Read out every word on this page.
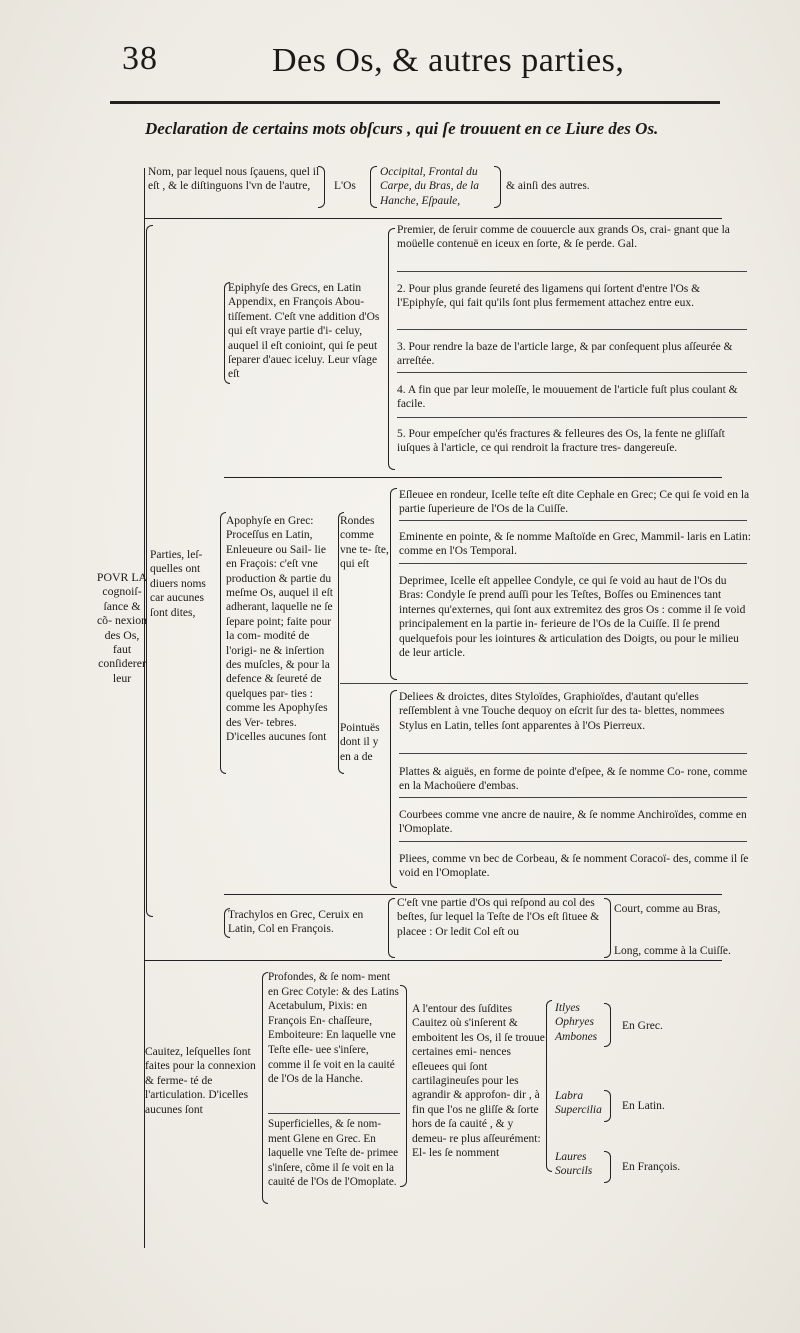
38	Des Os, & autres parties,
Declaration de certains mots obſcurs , qui ſe trouuent en ce Liure des Os.
Nom, par lequel nous ſçauens, quel il eſt , & le diſtinguons l'vn de l'autre,	L'Os
Occipital, Frontal du Carpe, du Bras, de la Hanche, Eſpaule,
& ainſi des autres.
POVR LA cognoiſ- ſance & cõ- nexion des Os, faut conſiderer leur
Parties, leſ- quelles ont diuers noms car aucunes ſont dites,
Epiphyſe des Grecs, en Latin Appendix, en François Abou- tiſſement. C'eſt vne addition d'Os qui eſt vraye partie d'i- celuy, auquel il eſt conioint, qui ſe peut ſeparer d'auec iceluy. Leur vſage eſt
Premier, de ſeruir comme de couuercle aux grands Os, crai- gnant que la moüelle contenuë en iceux en ſorte, & ſe perde. Gal.
2. Pour plus grande ſeureté des ligamens qui ſortent d'entre l'Os & l'Epiphyſe, qui fait qu'ils ſont plus fermement attachez entre eux.
3. Pour rendre la baze de l'article large, & par conſequent plus aſſeurée & arreſtée.
4. A fin que par leur moleſſe, le mouuement de l'article fuſt plus coulant & facile.
5. Pour empeſcher qu'és fractures & felleures des Os, la fente ne gliſſaſt iuſques à l'article, ce qui rendroit la fracture tres- dangereuſe.
Apophyſe en Grec: Proceſſus en Latin, Enleueure ou Sail- lie en Fraçois: c'eſt vne production & partie du meſme Os, auquel il eſt adherant, laquelle ne ſe ſepare point; faite pour la com- modité de l'origi- ne & inſertion des muſcles, & pour la defence & ſeureté de quelques par- ties : comme les Apophyſes des Ver- tebres. D'icelles aucunes ſont
Rondes comme vne te- ſte, qui eſt
Eſleuee en rondeur, Icelle teſte eſt dite Cephale en Grec; Ce qui ſe void en la partie ſuperieure de l'Os de la Cuiſſe.
Eminente en pointe, & ſe nomme Maſtoïde en Grec, Mammil- laris en Latin: comme en l'Os Temporal.
Deprimee, Icelle eſt appellee Condyle, ce qui ſe void au haut de l'Os du Bras: Condyle ſe prend auſſi pour les Teſtes, Boſſes ou Eminences tant internes qu'externes, qui ſont aux extremitez des gros Os : comme il ſe void principalement en la partie in- ferieure de l'Os de la Cuiſſe. Il ſe prend quelquefois pour les iointures & articulation des Doigts, ou pour le milieu de leur article.
Pointuës dont il y en a de
Deliees & droictes, dites Styloïdes, Graphioïdes, d'autant qu'elles reſſemblent à vne Touche dequoy on eſcrit ſur des ta- blettes, nommees Stylus en Latin, telles ſont apparentes à l'Os Pierreux.
Plattes & aiguës, en forme de pointe d'eſpee, & ſe nomme Co- rone, comme en la Machoüere d'embas.
Courbees comme vne ancre de nauire, & ſe nomme Anchiroïdes, comme en l'Omoplate.
Pliees, comme vn bec de Corbeau, & ſe nomment Coracoï- des, comme il ſe void en l'Omoplate.
Trachylos en Grec, Ceruix en Latin, Col en François.
C'eſt vne partie d'Os qui reſpond au col des beſtes, ſur lequel la Teſte de l'Os eſt ſituee & placee : Or ledit Col eſt ou
Court, comme au Bras,
Long, comme à la Cuiſſe.
Cauitez, leſquelles ſont faites pour la connexion & ferme- té de l'articulation. D'icelles aucunes ſont
Profondes, & ſe nom- ment en Grec Cotyle: & des Latins Acetabulum, Pixis: en François En- chaſſeure, Emboiteure: En laquelle vne Teſte eſle- uee s'inſere, comme il ſe voit en la cauité de l'Os de la Hanche.
Superficielles, & ſe nom- ment Glene en Grec. En laquelle vne Teſte de- primee s'inſere, cõme il ſe voit en la cauité de l'Os de l'Omoplate.
A l'entour des ſuſdites Cauitez où s'inſerent & emboitent les Os, il ſe trouue certaines emi- nences eſleuees qui ſont cartilagineuſes pour les agrandir & approfon- dir , à fin que l'os ne gliſſe & ſorte hors de ſa cauité , & y demeu- re plus aſſeurément: El- les ſe nomment
Itlyes Ophryes Ambones
En Grec.
Labra Supercilia	En Latin.
Laures Sourcils	En François.
